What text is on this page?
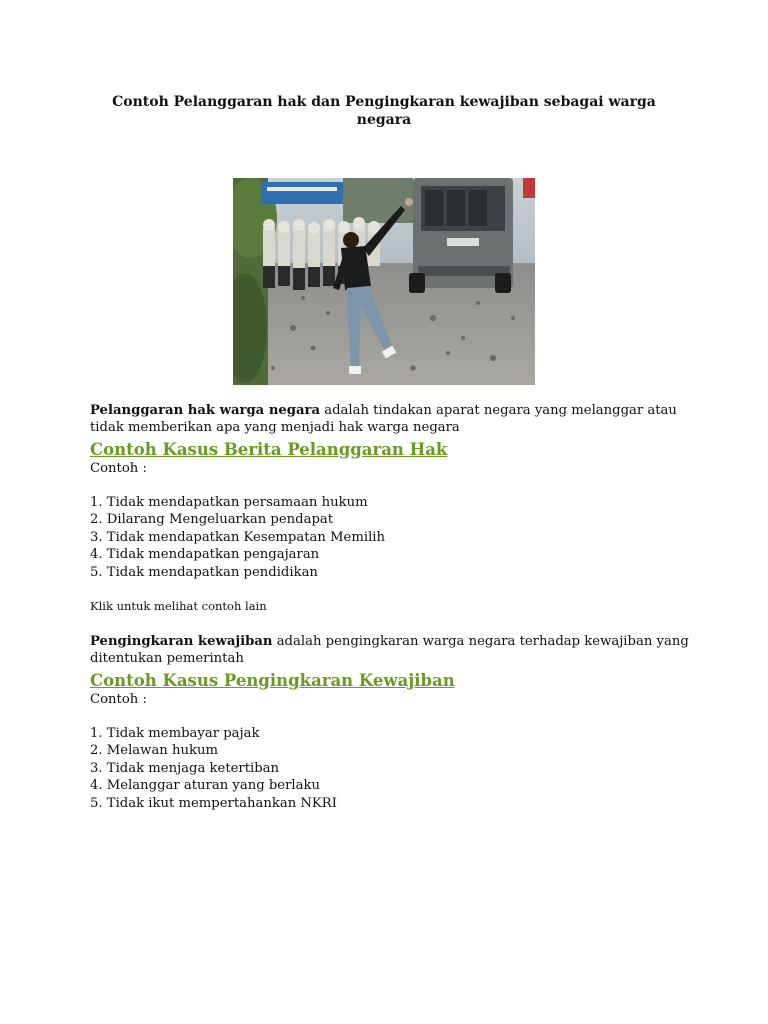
Contoh Pelanggaran hak dan Pengingkaran kewajiban sebagai warga negara

Pelanggaran hak warga negara adalah tindakan aparat negara yang melanggar atau tidak memberikan apa yang menjadi hak warga negara

Contoh Kasus Berita Pelanggaran Hak

Contoh :

1. Tidak mendapatkan persamaan hukum
2. Dilarang Mengeluarkan pendapat
3. Tidak mendapatkan Kesempatan Memilih
4. Tidak mendapatkan pengajaran
5. Tidak mendapatkan pendidikan

Klik untuk melihat contoh lain

Pengingkaran kewajiban adalah pengingkaran warga negara terhadap kewajiban yang ditentukan pemerintah

Contoh Kasus Pengingkaran Kewajiban

Contoh :

1. Tidak membayar pajak
2. Melawan hukum
3. Tidak menjaga ketertiban
4. Melanggar aturan yang berlaku
5. Tidak ikut mempertahankan NKRI
